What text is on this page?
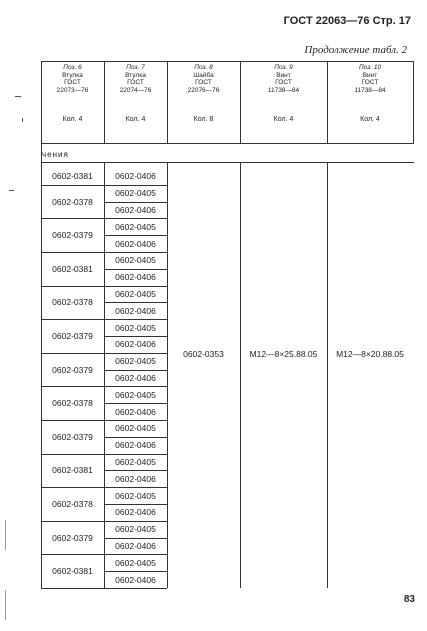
ГОСТ 22063—76 Стр. 17
Продолжение табл. 2
Поз. 6
Втулка
ГОСТ
22073—76
Кол. 4
Поз. 7
Втулка
ГОСТ
22074—76
Кол. 4
Поз. 8
Шайба
ГОСТ
22076—76
Кол. 8
Поз. 9
Винт
ГОСТ
11738—84
Кол. 4
Поз. 10
Винт
ГОСТ
11738—84
Кол. 4
чения
0602-0406
0602-0405
0602-0406
0602-0405
0602-0406
0602-0405
0602-0406
0602-0405
0602-0406
0602-0405
0602-0406
0602-0405
0602-0406
0602-0405
0602-0406
0602-0405
0602-0406
0602-0405
0602-0406
0602-0405
0602-0406
0602-0405
0602-0406
0602-0405
0602-0406
0602-0381
0602-0378
0602-0379
0602-0381
0602-0378
0602-0379
0602-0379
0602-0378
0602-0379
0602-0381
0602-0378
0602-0379
0602-0381
0602-0353	M12—8×25.88.05	M12—8×20.88.05
83
